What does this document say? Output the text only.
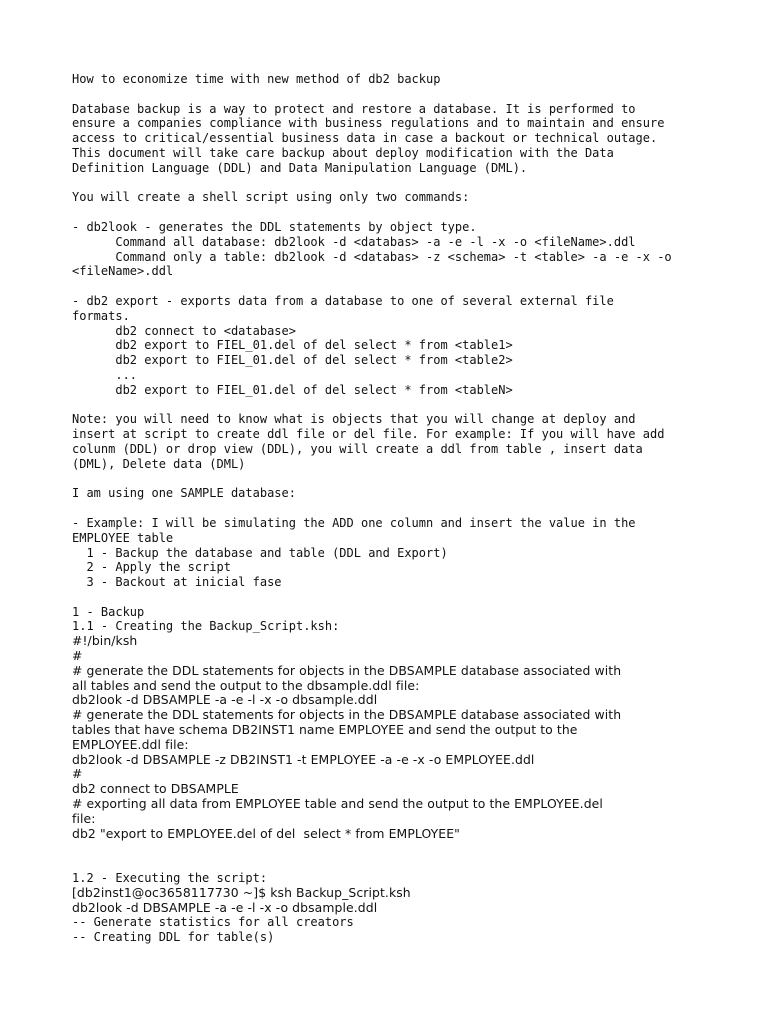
How to economize time with new method of db2 backup
Database backup is a way to protect and restore a database. It is performed to
ensure a companies compliance with business regulations and to maintain and ensure
access to critical/essential business data in case a backout or technical outage.
This document will take care backup about deploy modification with the Data
Definition Language (DDL) and Data Manipulation Language (DML).
You will create a shell script using only two commands:
- db2look - generates the DDL statements by object type.
Command all database: db2look -d <databas> -a -e -l -x -o <fileName>.ddl
Command only a table: db2look -d <databas> -z <schema> -t <table> -a -e -x -o
<fileName>.ddl
- db2 export - exports data from a database to one of several external file
formats.
db2 connect to <database>
db2 export to FIEL_01.del of del select * from <table1>
db2 export to FIEL_01.del of del select * from <table2>
...
db2 export to FIEL_01.del of del select * from <tableN>
Note: you will need to know what is objects that you will change at deploy and
insert at script to create ddl file or del file. For example: If you will have add
colunm (DDL) or drop view (DDL), you will create a ddl from table , insert data
(DML), Delete data (DML)
I am using one SAMPLE database:
- Example: I will be simulating the ADD one column and insert the value in the
EMPLOYEE table
1 - Backup the database and table (DDL and Export)
2 - Apply the script
3 - Backout at inicial fase
1 - Backup
1.1 - Creating the Backup_Script.ksh:
#!/bin/ksh
#
# generate the DDL statements for objects in the DBSAMPLE database associated with
all tables and send the output to the dbsample.ddl file:
db2look -d DBSAMPLE -a -e -l -x -o dbsample.ddl
# generate the DDL statements for objects in the DBSAMPLE database associated with
tables that have schema DB2INST1 name EMPLOYEE and send the output to the
EMPLOYEE.ddl file:
db2look -d DBSAMPLE -z DB2INST1 -t EMPLOYEE -a -e -x -o EMPLOYEE.ddl
#
db2 connect to DBSAMPLE
# exporting all data from EMPLOYEE table and send the output to the EMPLOYEE.del
file:
db2 "export to EMPLOYEE.del of del  select * from EMPLOYEE"
1.2 - Executing the script:
[db2inst1@oc3658117730 ~]$ ksh Backup_Script.ksh
db2look -d DBSAMPLE -a -e -l -x -o dbsample.ddl
-- Generate statistics for all creators
-- Creating DDL for table(s)
